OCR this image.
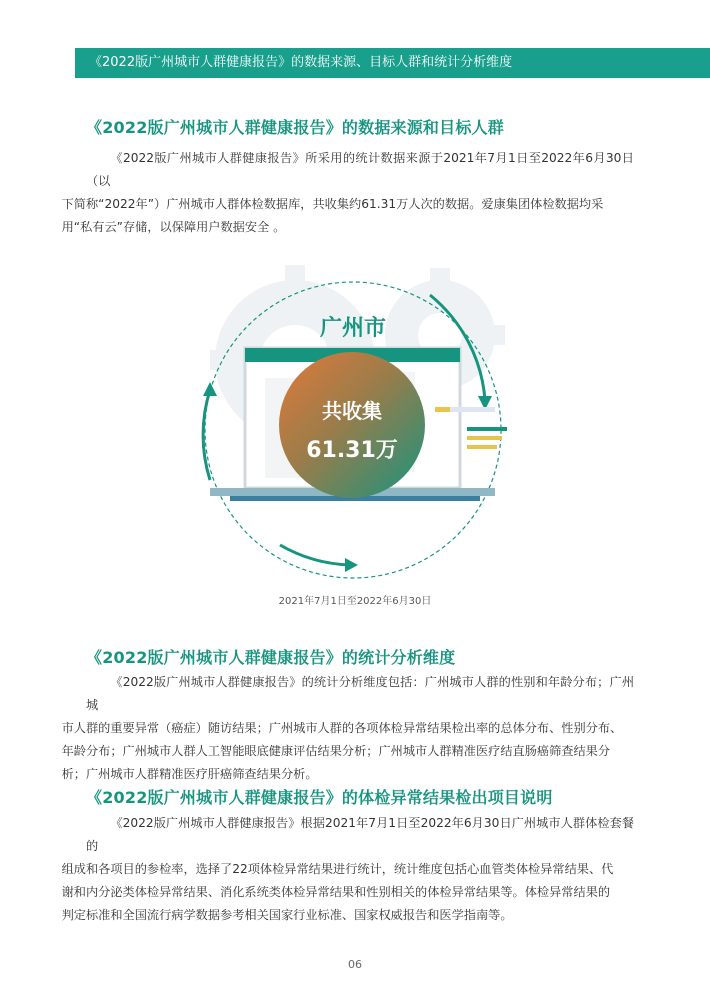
《2022版广州城市人群健康报告》的数据来源、目标人群和统计分析维度
《2022版广州城市人群健康报告》的数据来源和目标人群

《2022版广州城市人群健康报告》所采用的统计数据来源于2021年7月1日至2022年6月30日（以
下简称“2022年”）广州城市人群体检数据库，共收集约61.31万人次的数据。爱康集团体检数据均采
用“私有云”存储，以保障用户数据安全 。

广州市
共收集
61.31万
2021年7月1日至2022年6月30日
《2022版广州城市人群健康报告》的统计分析维度

《2022版广州城市人群健康报告》的统计分析维度包括：广州城市人群的性别和年龄分布；广州城
市人群的重要异常（癌症）随访结果；广州城市人群的各项体检异常结果检出率的总体分布、性别分布、
年龄分布；广州城市人群人工智能眼底健康评估结果分析；广州城市人群精准医疗结直肠癌筛查结果分
析；广州城市人群精准医疗肝癌筛查结果分析。

《2022版广州城市人群健康报告》的体检异常结果检出项目说明

《2022版广州城市人群健康报告》根据2021年7月1日至2022年6月30日广州城市人群体检套餐的
组成和各项目的参检率，选择了22项体检异常结果进行统计，统计维度包括心血管类体检异常结果、代
谢和内分泌类体检异常结果、消化系统类体检异常结果和性别相关的体检异常结果等。体检异常结果的
判定标准和全国流行病学数据参考相关国家行业标准、国家权威报告和医学指南等。

06
